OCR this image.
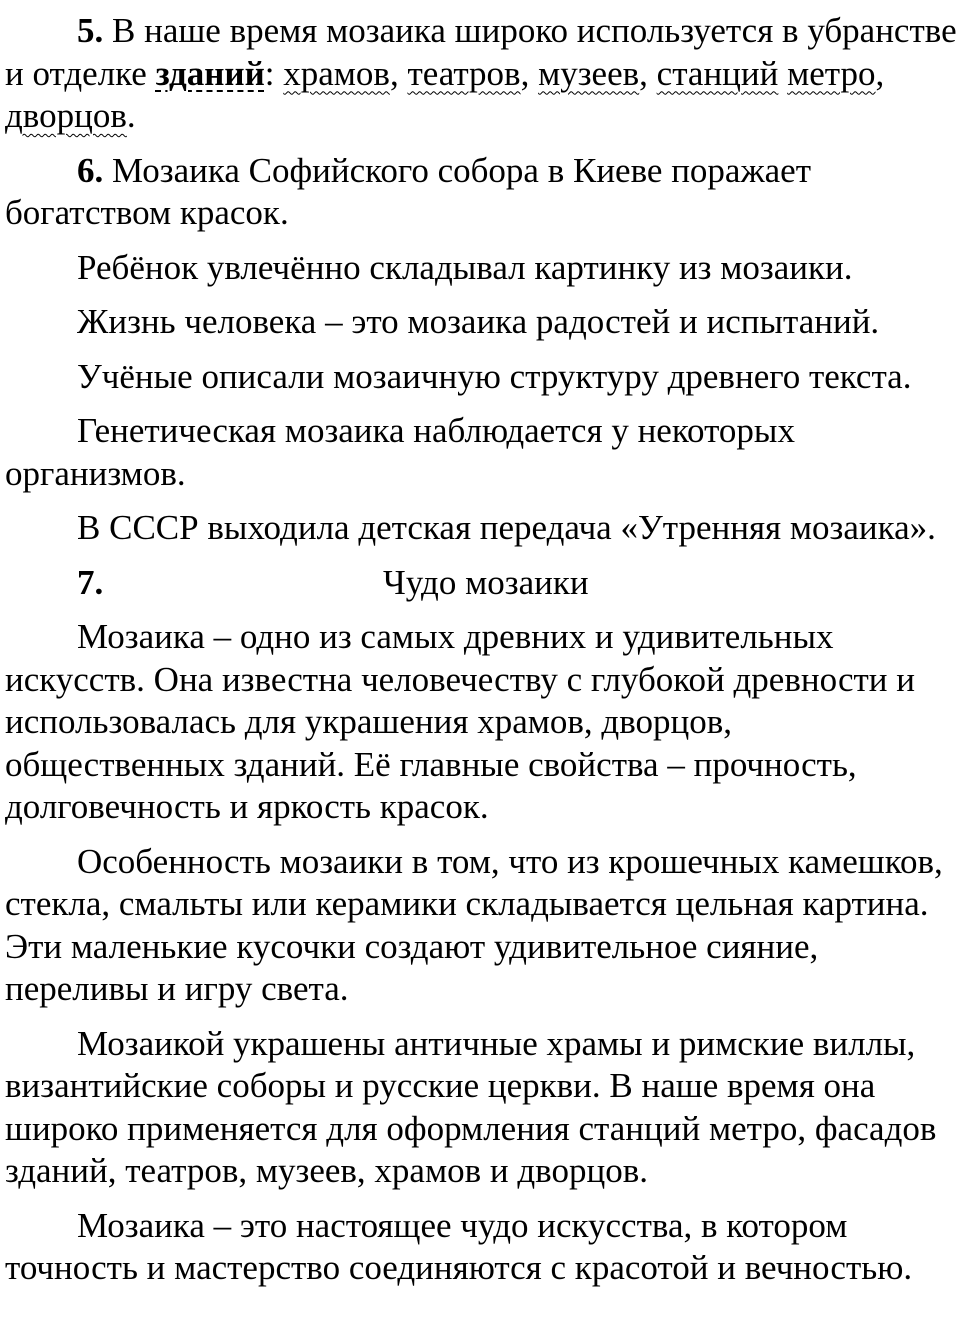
5. В наше время мозаика широко используется в убранстве и отделке зданий: храмов, театров, музеев, станций метро, дворцов.

6. Мозаика Софийского собора в Киеве поражает богатством красок.

Ребёнок увлечённо складывал картинку из мозаики.

Жизнь человека – это мозаика радостей и испытаний.

Учёные описали мозаичную структуру древнего текста.

Генетическая мозаика наблюдается у некоторых организмов.

В СССР выходила детская передача «Утренняя мозаика».

7.	Чудо мозаики

Мозаика – одно из самых древних и удивительных искусств. Она известна человечеству с глубокой древности и использовалась для украшения храмов, дворцов, общественных зданий. Её главные свойства – прочность, долговечность и яркость красок.

Особенность мозаики в том, что из крошечных камешков, стекла, смальты или керамики складывается цельная картина. Эти маленькие кусочки создают удивительное сияние, переливы и игру света.

Мозаикой украшены античные храмы и римские виллы, византийские соборы и русские церкви. В наше время она широко применяется для оформления станций метро, фасадов зданий, театров, музеев, храмов и дворцов.

Мозаика – это настоящее чудо искусства, в котором точность и мастерство соединяются с красотой и вечностью.
